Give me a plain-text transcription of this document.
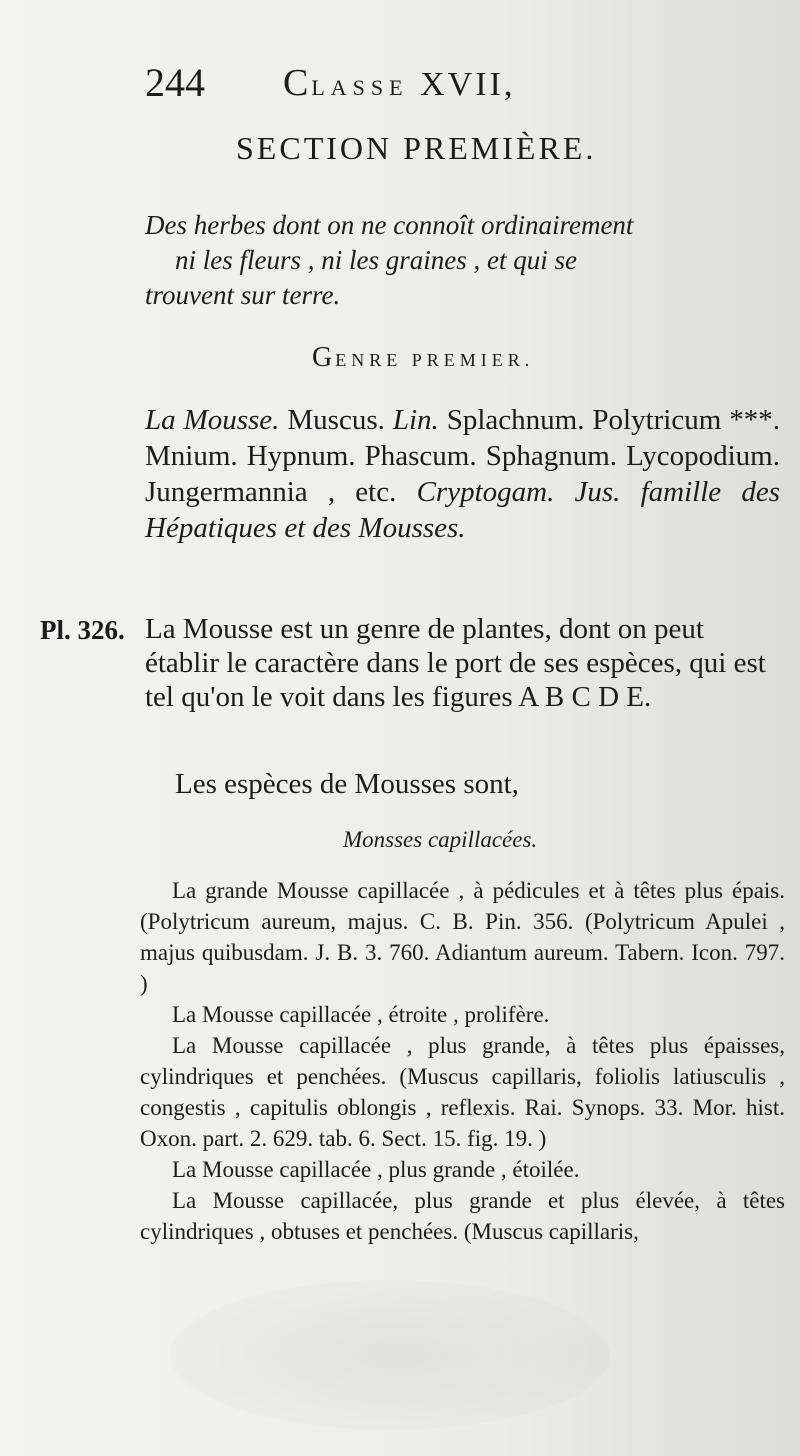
244 CLASSE XVII,
SECTION PREMIÈRE.
Des herbes dont on ne connoît ordinairement
ni les fleurs , ni les graines , et qui se
trouvent sur terre.
GENRE PREMIER.

La Mousse. Muscus. Lin. Splachnum. Polytricum ***. Mnium. Hypnum. Phascum. Sphagnum. Lycopodium. Jungermannia , etc. Cryptogam. Jus. famille des Hépatiques et des Mousses.

Pl. 326. La Mousse est un genre de plantes, dont on peut établir le caractère dans le port de ses espèces, qui est tel qu'on le voit dans les figures A B C D E.

Les espèces de Mousses sont,
Monsses capillacées.

La grande Mousse capillacée , à pédicules et à têtes plus épais. (Polytricum aureum, majus. C. B. Pin. 356. (Polytricum Apulei , majus quibusdam. J. B. 3. 760. Adiantum aureum. Tabern. Icon. 797. )

La Mousse capillacée , étroite , prolifère.

La Mousse capillacée , plus grande, à têtes plus épaisses, cylindriques et penchées. (Muscus capillaris, foliolis latiusculis , congestis , capitulis oblongis , reflexis. Rai. Synops. 33. Mor. hist. Oxon. part. 2. 629. tab. 6. Sect. 15. fig. 19. )

La Mousse capillacée , plus grande , étoilée.

La Mousse capillacée, plus grande et plus élevée, à têtes cylindriques , obtuses et penchées. (Muscus capillaris,
